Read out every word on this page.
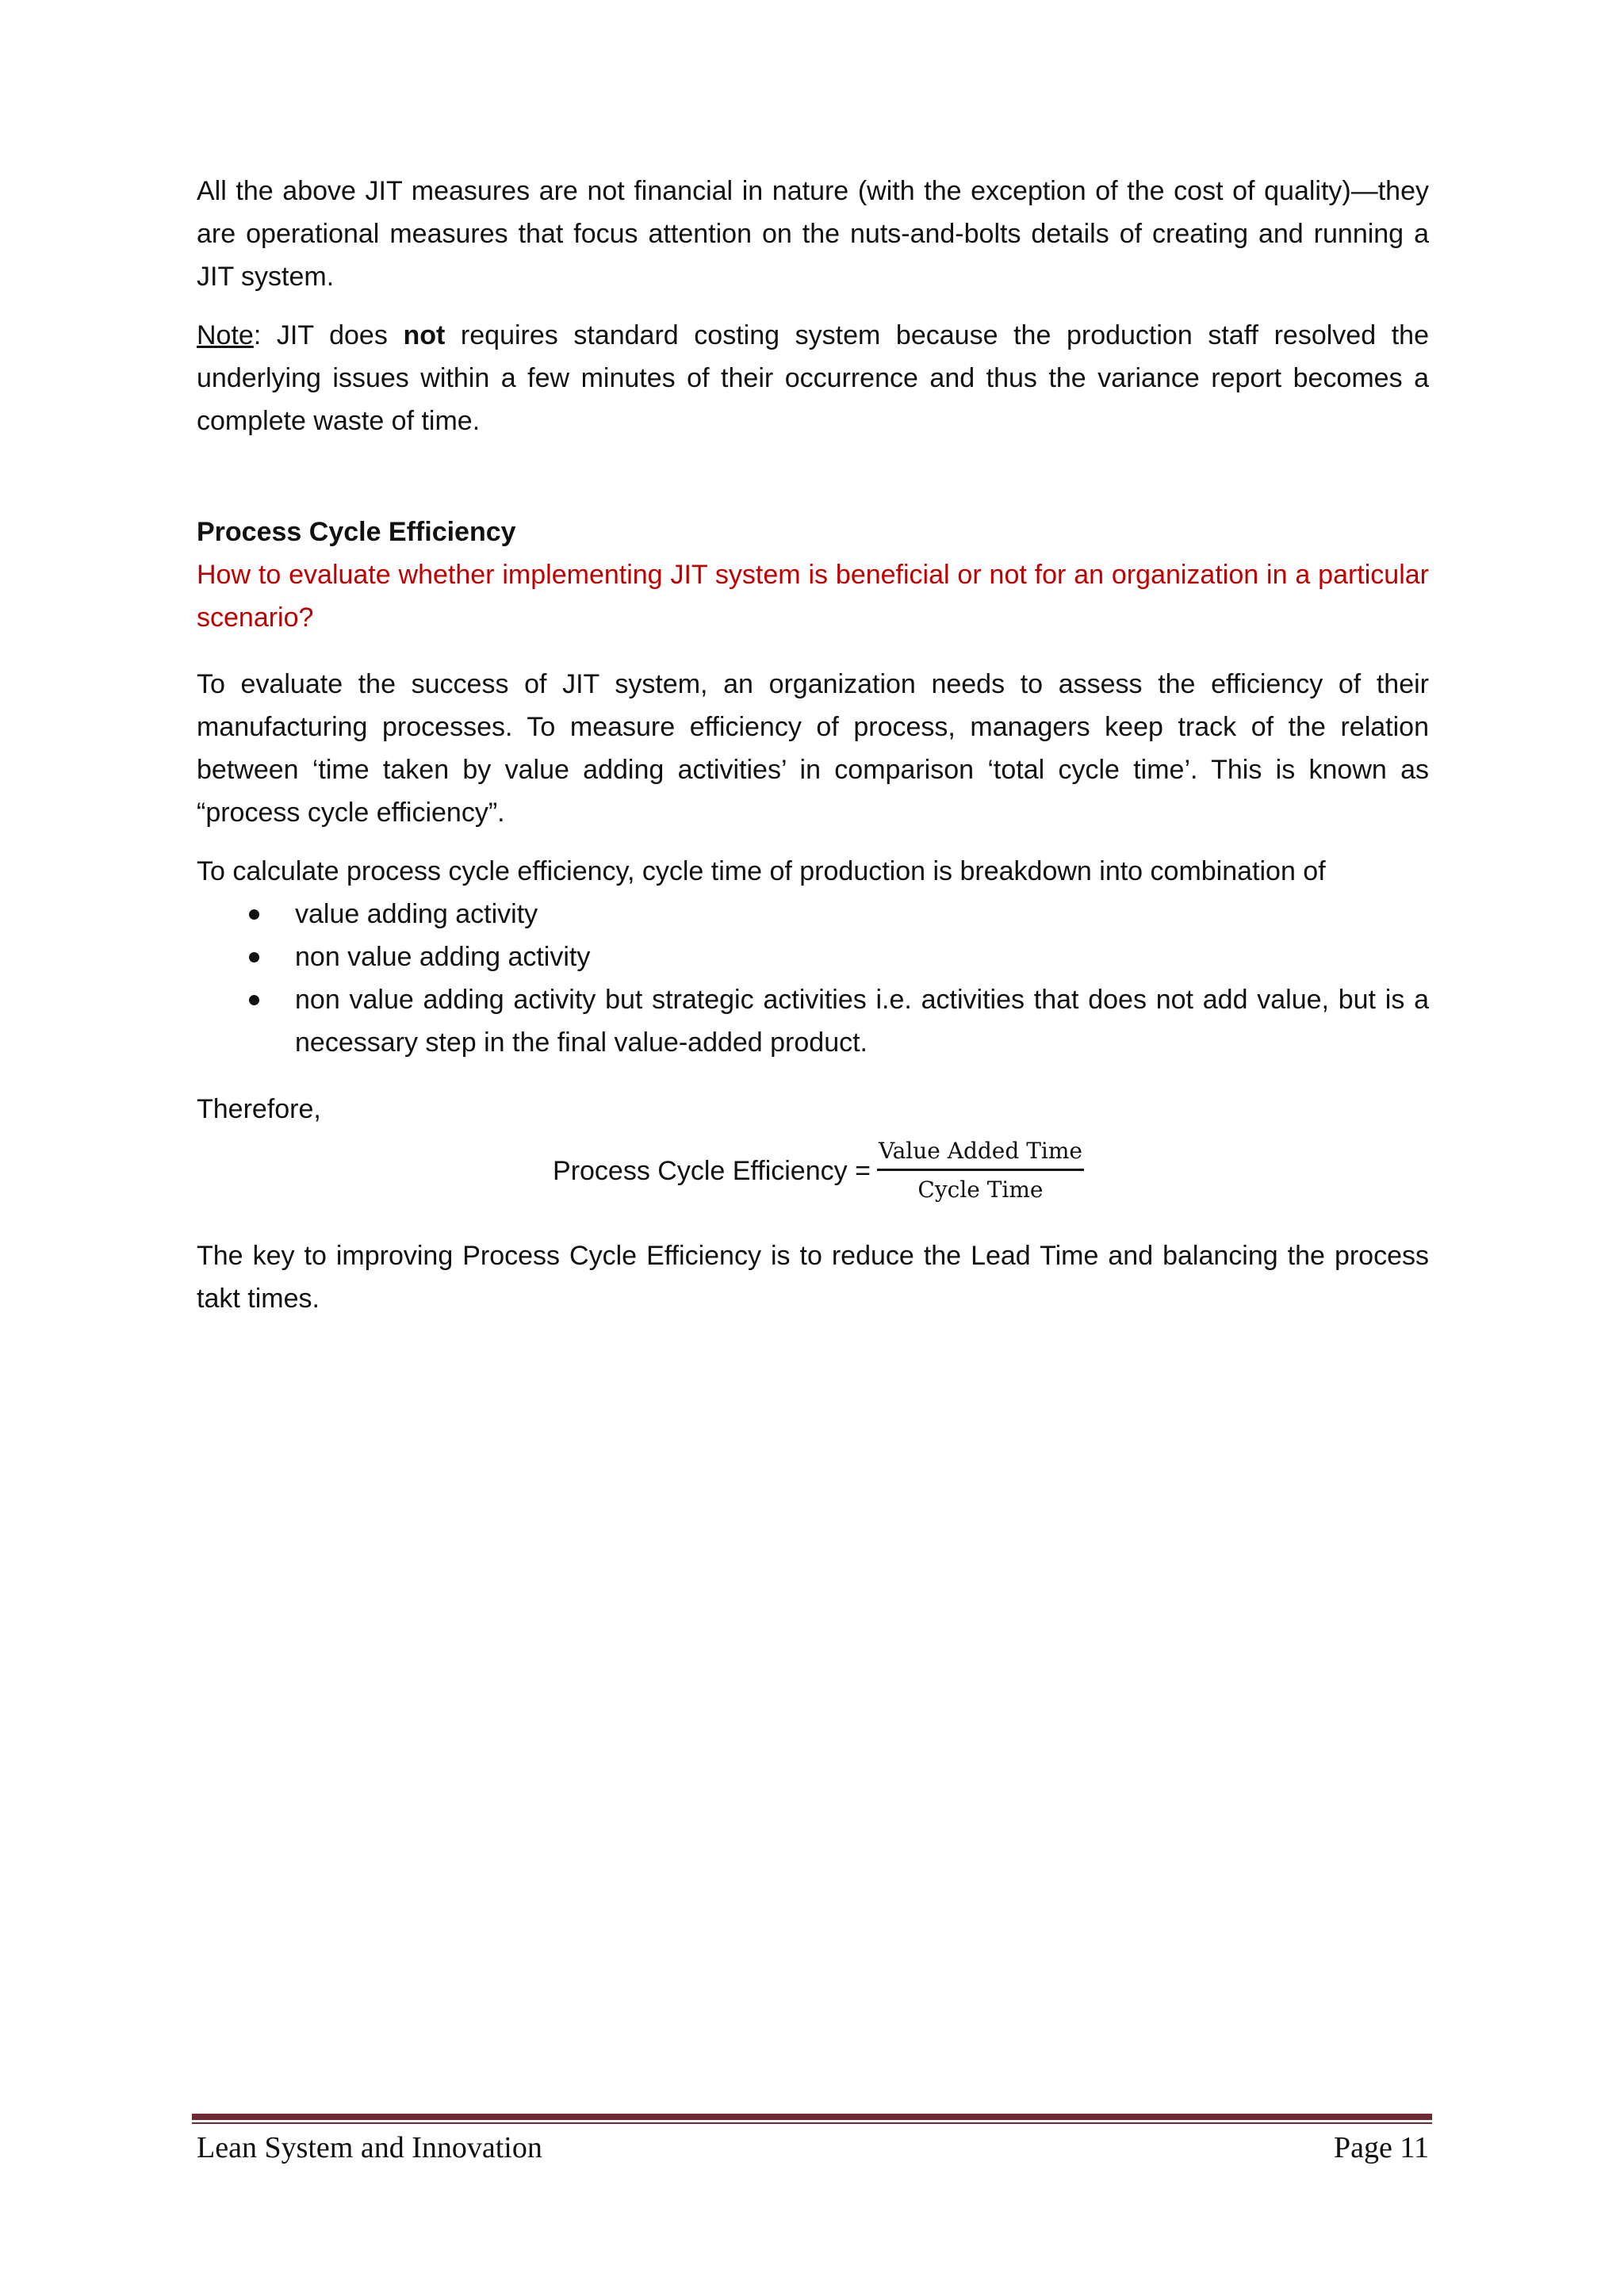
All the above JIT measures are not financial in nature (with the exception of the cost of quality)—they are operational measures that focus attention on the nuts-and-bolts details of creating and running a JIT system.

Note: JIT does not requires standard costing system because the production staff resolved the underlying issues within a few minutes of their occurrence and thus the variance report becomes a complete waste of time.

Process Cycle Efficiency

How to evaluate whether implementing JIT system is beneficial or not for an organization in a particular scenario?

To evaluate the success of JIT system, an organization needs to assess the efficiency of their manufacturing processes. To measure efficiency of process, managers keep track of the relation between ‘time taken by value adding activities’ in comparison ‘total cycle time’. This is known as “process cycle efficiency”.

To calculate process cycle efficiency, cycle time of production is breakdown into combination of

value adding activity
non value adding activity
non value adding activity but strategic activities i.e. activities that does not add value, but is a necessary step in the final value-added product.

Therefore,

Process Cycle Efficiency = $\frac{\text{Value Added Time}}{\text{Cycle Time}}$

The key to improving Process Cycle Efficiency is to reduce the Lead Time and balancing the process takt times.

Lean System and Innovation	Page 11
